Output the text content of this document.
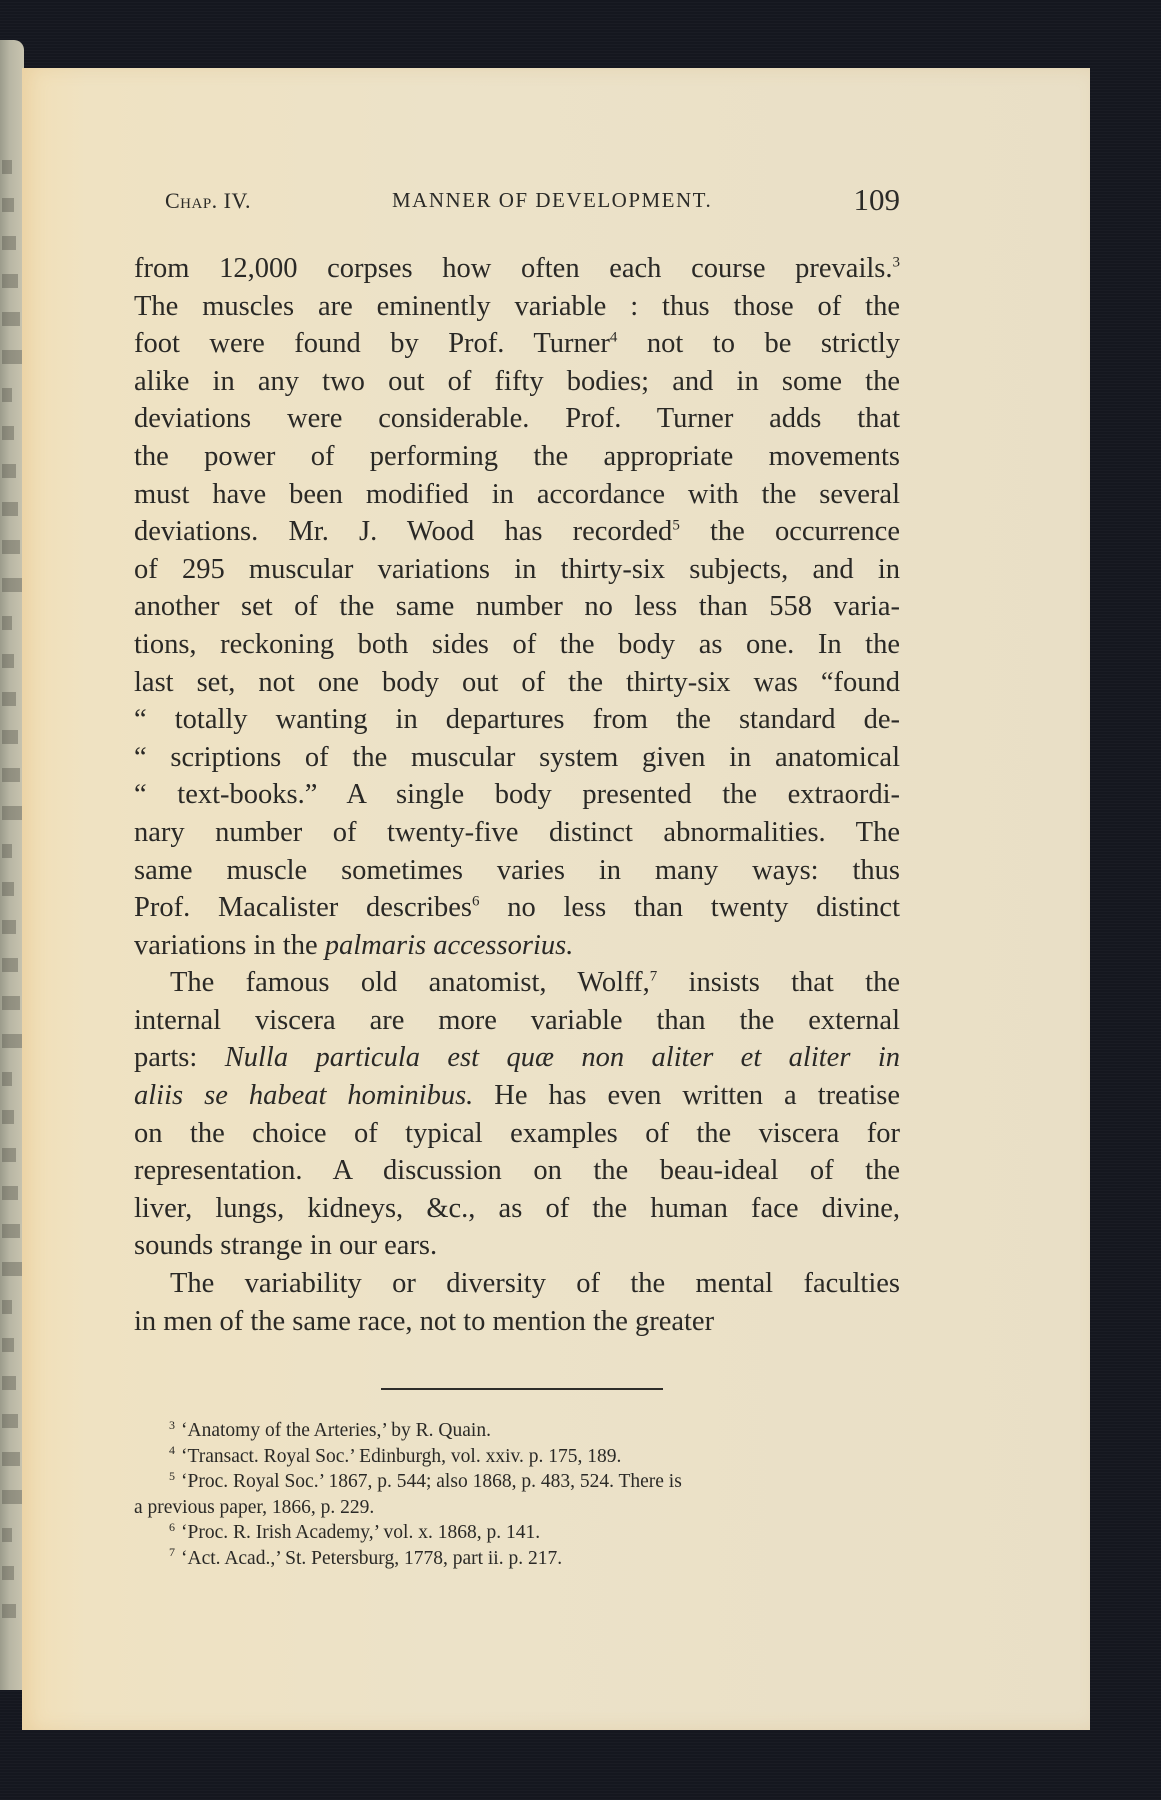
Chap. IV.	MANNER OF DEVELOPMENT.	109
from 12,000 corpses how often each course prevails.$^3$
The muscles are eminently variable : thus those of the
foot were found by Prof. Turner$^4$ not to be strictly
alike in any two out of fifty bodies; and in some the
deviations were considerable. Prof. Turner adds that
the power of performing the appropriate movements
must have been modified in accordance with the several
deviations. Mr. J. Wood has recorded$^5$ the occurrence
of 295 muscular variations in thirty-six subjects, and in
another set of the same number no less than 558 varia-
tions, reckoning both sides of the body as one. In the
last set, not one body out of the thirty-six was “found
“ totally wanting in departures from the standard de-
“ scriptions of the muscular system given in anatomical
“ text-books.” A single body presented the extraordi-
nary number of twenty-five distinct abnormalities. The
same muscle sometimes varies in many ways: thus
Prof. Macalister describes$^6$ no less than twenty distinct
variations in the palmaris accessorius.
The famous old anatomist, Wolff,$^7$ insists that the
internal viscera are more variable than the external
parts: Nulla particula est quæ non aliter et aliter in
aliis se habeat hominibus. He has even written a treatise
on the choice of typical examples of the viscera for
representation. A discussion on the beau-ideal of the
liver, lungs, kidneys, &c., as of the human face divine,
sounds strange in our ears.
The variability or diversity of the mental faculties
in men of the same race, not to mention the greater
$^3$ ‘Anatomy of the Arteries,’ by R. Quain.
$^4$ ‘Transact. Royal Soc.’ Edinburgh, vol. xxiv. p. 175, 189.
$^5$ ‘Proc. Royal Soc.’ 1867, p. 544; also 1868, p. 483, 524. There is
a previous paper, 1866, p. 229.
$^6$ ‘Proc. R. Irish Academy,’ vol. x. 1868, p. 141.
$^7$ ‘Act. Acad.,’ St. Petersburg, 1778, part ii. p. 217.
